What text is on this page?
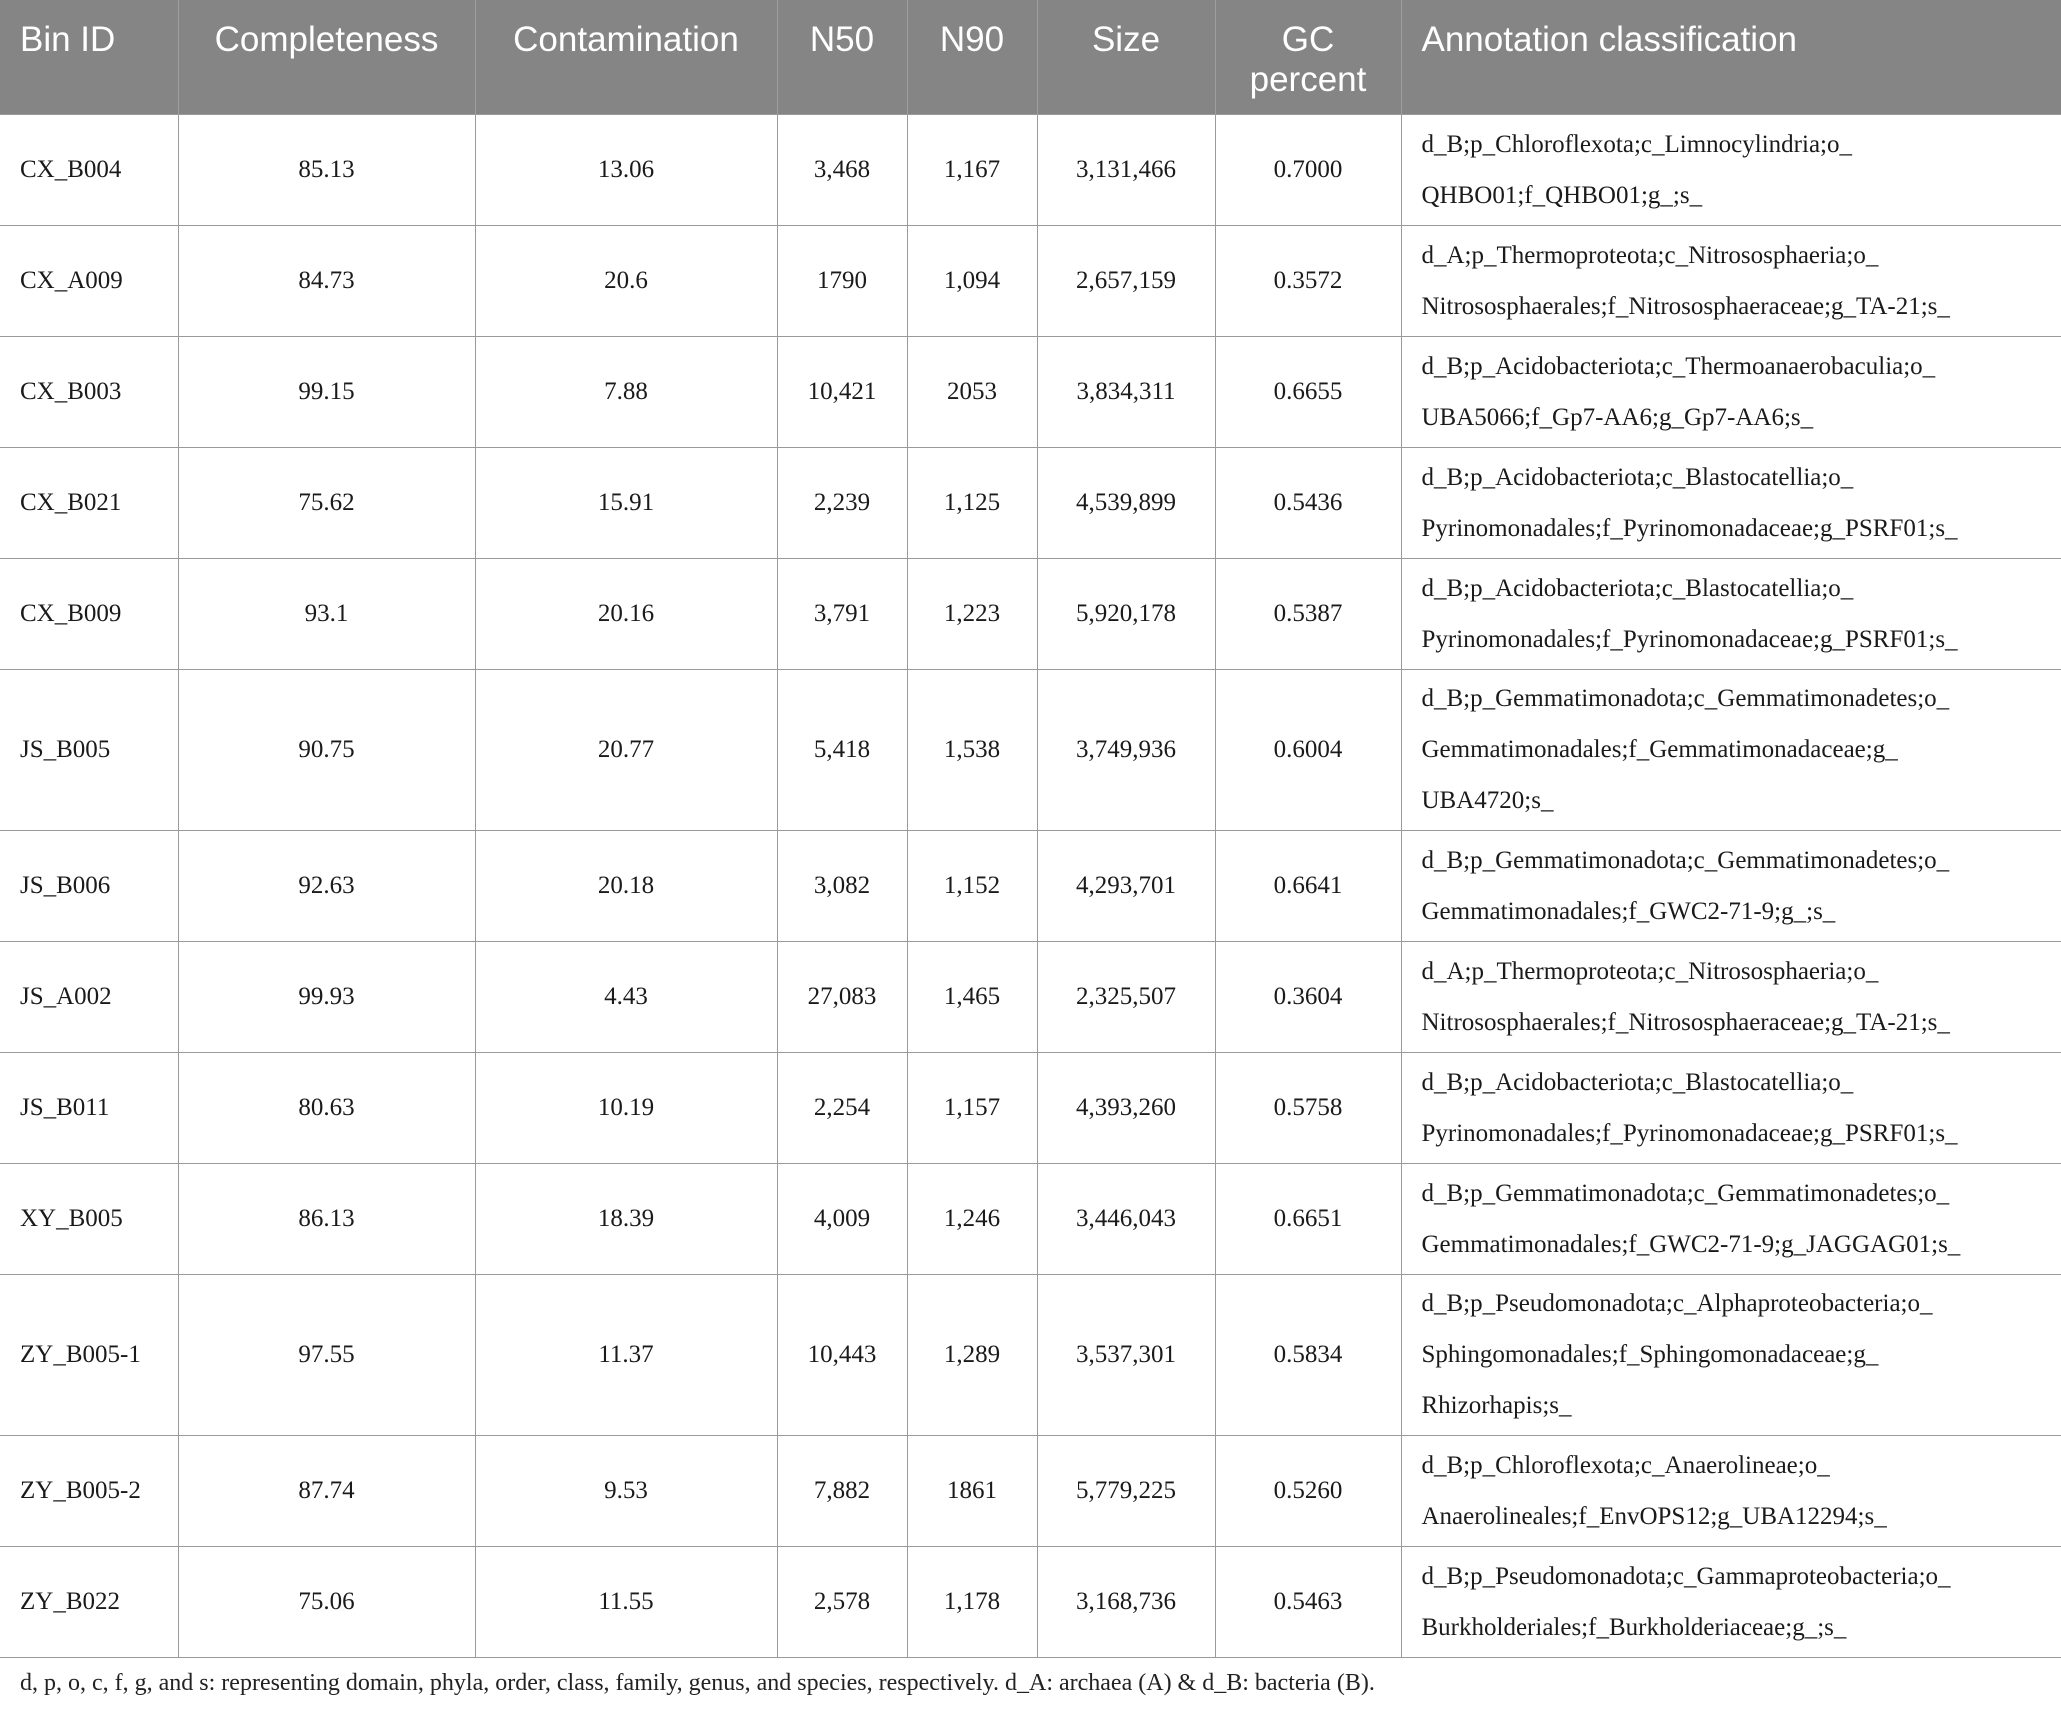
Bin ID	Completeness	Contamination	N50	N90	Size	GC percent	Annotation classification
CX_B004	85.13	13.06	3,468	1,167	3,131,466	0.7000	d_B;p_Chloroflexota;c_Limnocylindria;o_
QHBO01;f_QHBO01;g_;s_

CX_A009	84.73	20.6	1790	1,094	2,657,159	0.3572	d_A;p_Thermoproteota;c_Nitrososphaeria;o_
Nitrososphaerales;f_Nitrososphaeraceae;g_TA-21;s_

CX_B003	99.15	7.88	10,421	2053	3,834,311	0.6655	d_B;p_Acidobacteriota;c_Thermoanaerobaculia;o_
UBA5066;f_Gp7-AA6;g_Gp7-AA6;s_

CX_B021	75.62	15.91	2,239	1,125	4,539,899	0.5436	d_B;p_Acidobacteriota;c_Blastocatellia;o_
Pyrinomonadales;f_Pyrinomonadaceae;g_PSRF01;s_

CX_B009	93.1	20.16	3,791	1,223	5,920,178	0.5387	d_B;p_Acidobacteriota;c_Blastocatellia;o_
Pyrinomonadales;f_Pyrinomonadaceae;g_PSRF01;s_

JS_B005	90.75	20.77	5,418	1,538	3,749,936	0.6004	d_B;p_Gemmatimonadota;c_Gemmatimonadetes;o_
Gemmatimonadales;f_Gemmatimonadaceae;g_
UBA4720;s_

JS_B006	92.63	20.18	3,082	1,152	4,293,701	0.6641	d_B;p_Gemmatimonadota;c_Gemmatimonadetes;o_
Gemmatimonadales;f_GWC2-71-9;g_;s_

JS_A002	99.93	4.43	27,083	1,465	2,325,507	0.3604	d_A;p_Thermoproteota;c_Nitrososphaeria;o_
Nitrososphaerales;f_Nitrososphaeraceae;g_TA-21;s_

JS_B011	80.63	10.19	2,254	1,157	4,393,260	0.5758	d_B;p_Acidobacteriota;c_Blastocatellia;o_
Pyrinomonadales;f_Pyrinomonadaceae;g_PSRF01;s_

XY_B005	86.13	18.39	4,009	1,246	3,446,043	0.6651	d_B;p_Gemmatimonadota;c_Gemmatimonadetes;o_
Gemmatimonadales;f_GWC2-71-9;g_JAGGAG01;s_

ZY_B005-1	97.55	11.37	10,443	1,289	3,537,301	0.5834	d_B;p_Pseudomonadota;c_Alphaproteobacteria;o_
Sphingomonadales;f_Sphingomonadaceae;g_
Rhizorhapis;s_

ZY_B005-2	87.74	9.53	7,882	1861	5,779,225	0.5260	d_B;p_Chloroflexota;c_Anaerolineae;o_
Anaerolineales;f_EnvOPS12;g_UBA12294;s_

ZY_B022	75.06	11.55	2,578	1,178	3,168,736	0.5463	d_B;p_Pseudomonadota;c_Gammaproteobacteria;o_
Burkholderiales;f_Burkholderiaceae;g_;s_
d, p, o, c, f, g, and s: representing domain, phyla, order, class, family, genus, and species, respectively. d_A: archaea (A) & d_B: bacteria (B).
